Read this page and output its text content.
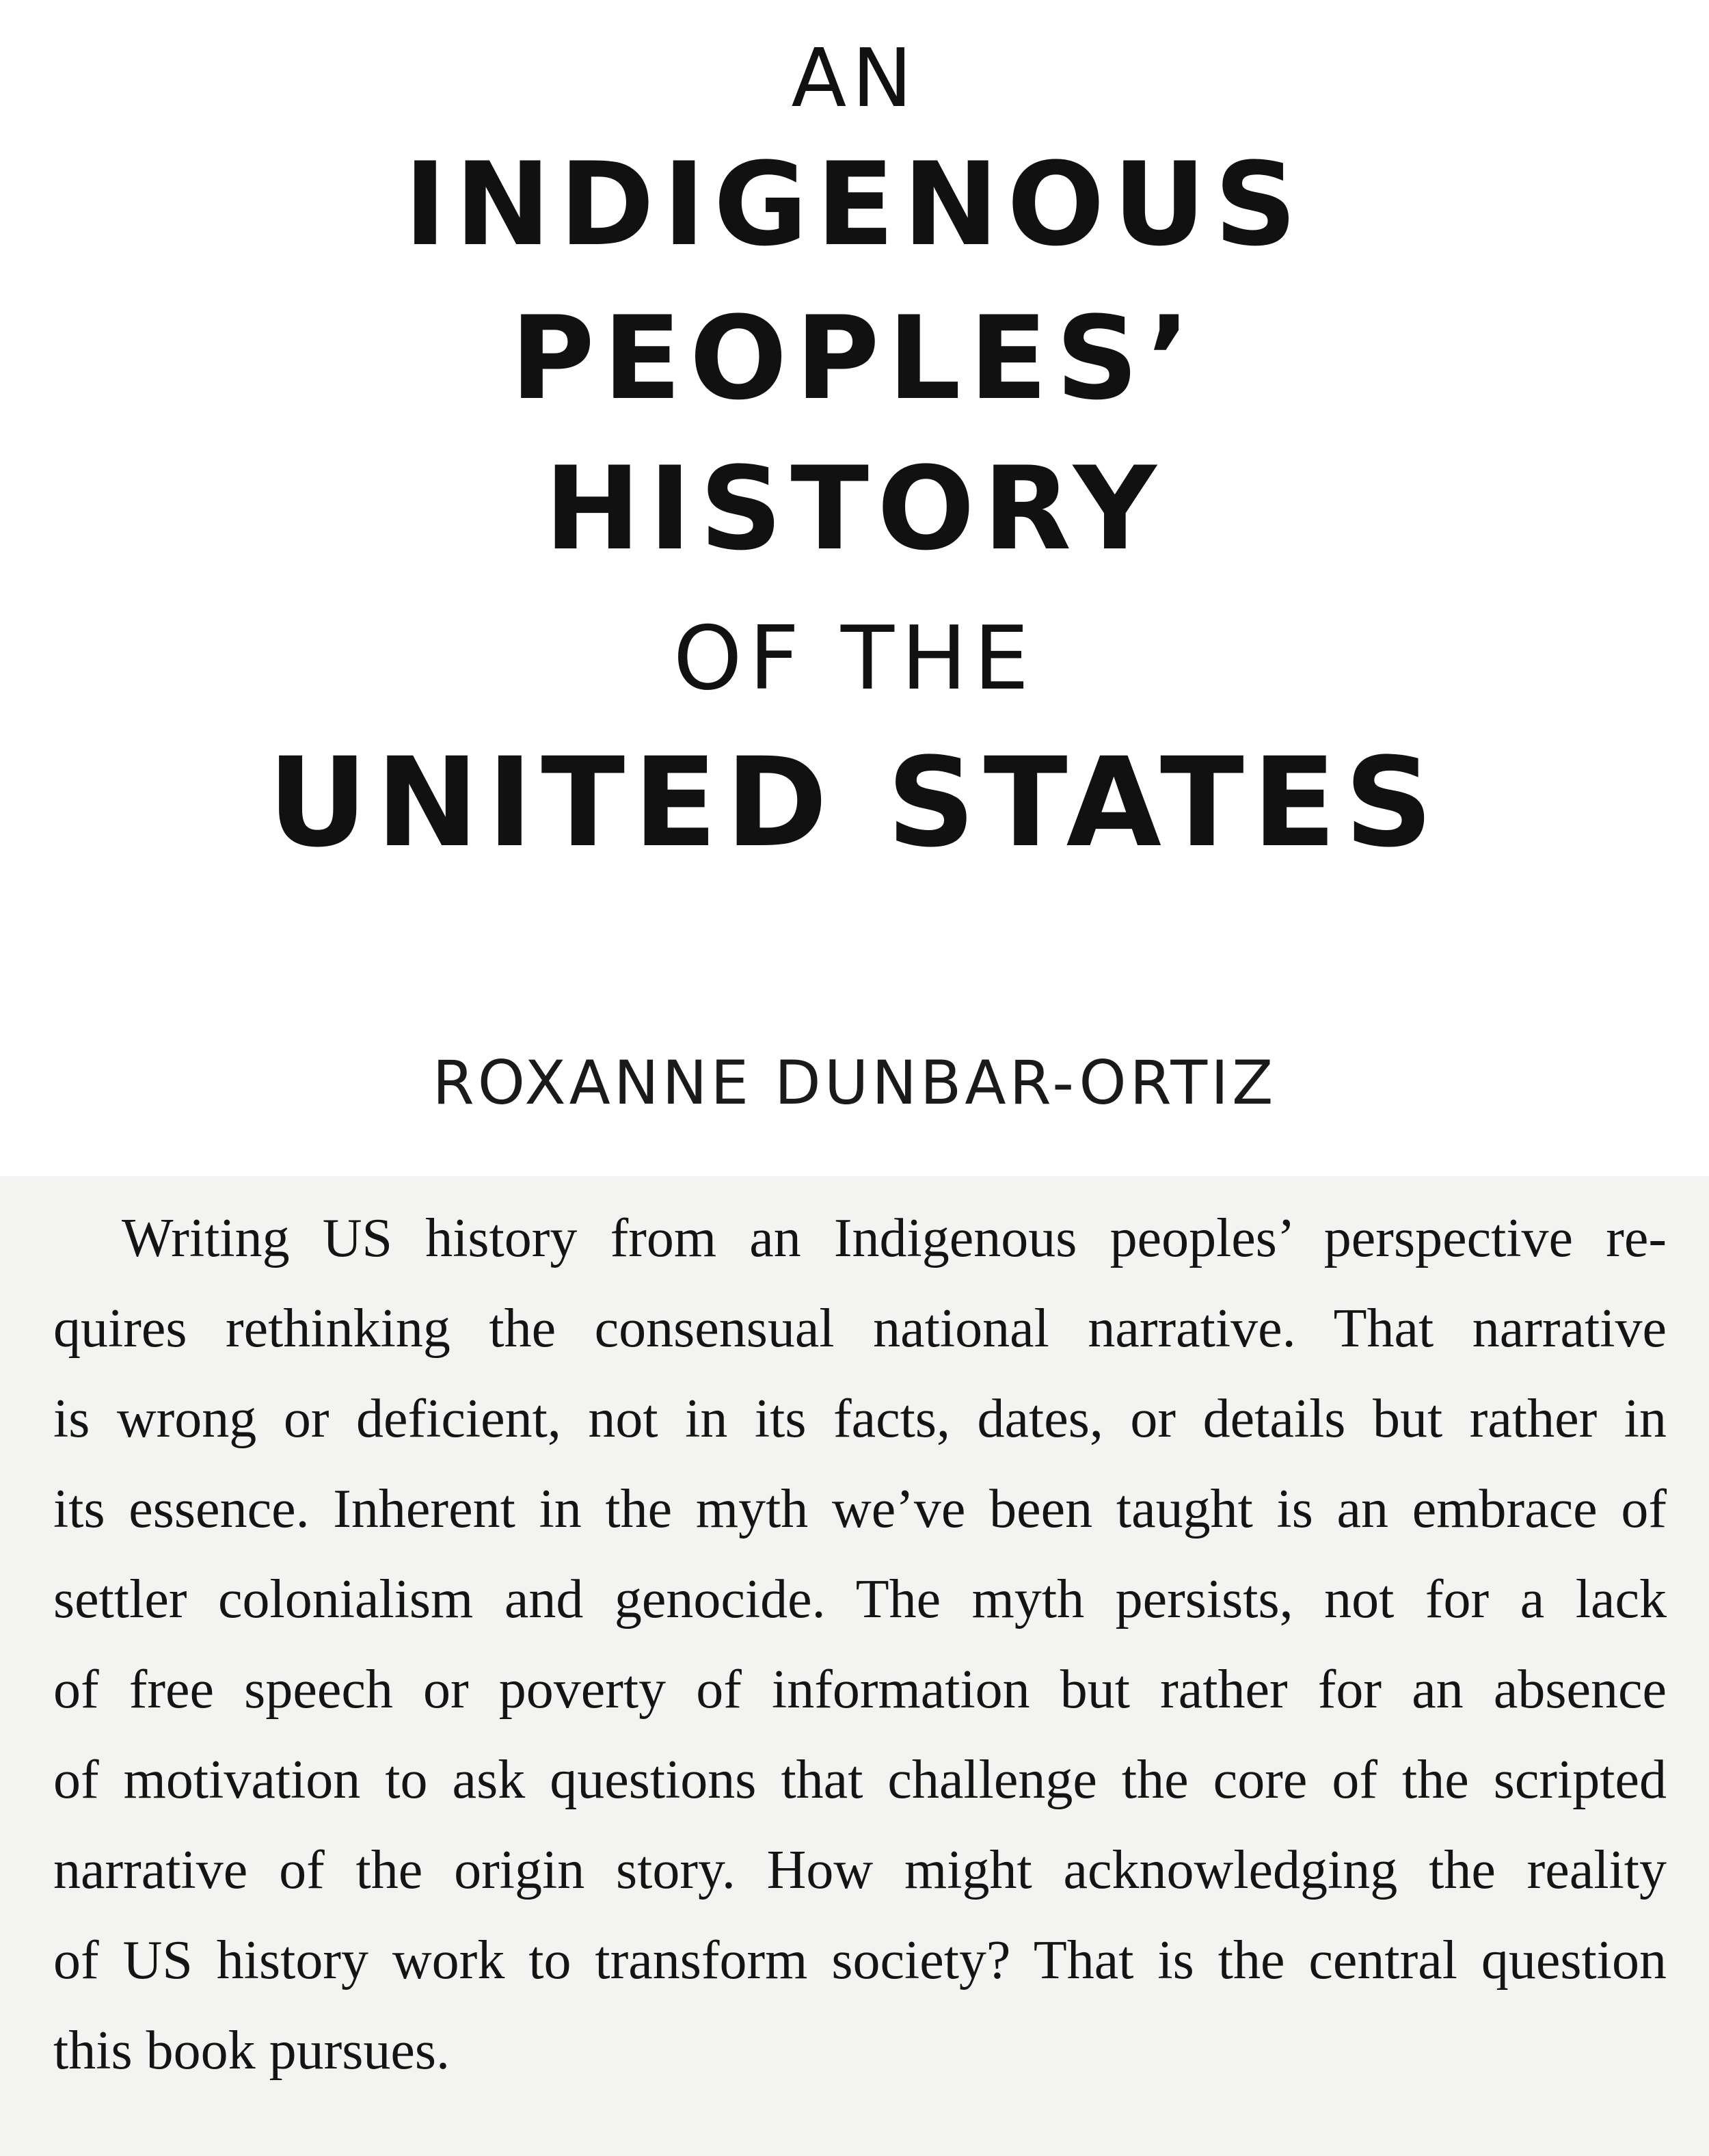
AN
INDIGENOUS
PEOPLES’
HISTORY
OF THE
UNITED STATES
ROXANNE DUNBAR-ORTIZ
Writing US history from an Indigenous peoples’ perspective re-
quires rethinking the consensual national narrative. That narrative
is wrong or deficient, not in its facts, dates, or details but rather in
its essence. Inherent in the myth we’ve been taught is an embrace of
settler colonialism and genocide. The myth persists, not for a lack
of free speech or poverty of information but rather for an absence
of motivation to ask questions that challenge the core of the scripted
narrative of the origin story. How might acknowledging the reality
of US history work to transform society? That is the central question
this book pursues.
